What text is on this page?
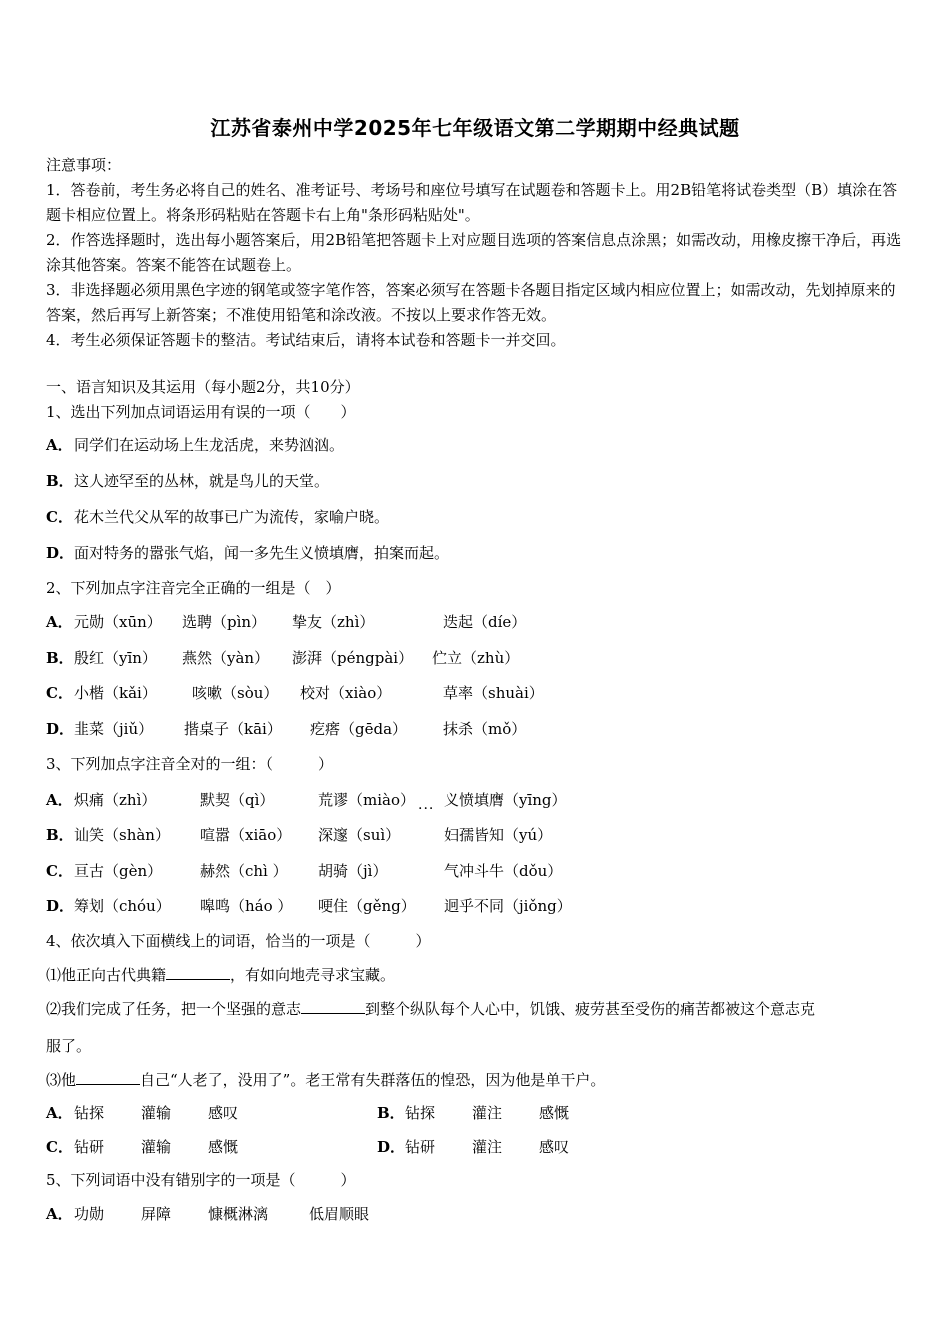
江苏省泰州中学2025年七年级语文第二学期期中经典试题

注意事项：

1．答卷前，考生务必将自己的姓名、准考证号、考场号和座位号填写在试题卷和答题卡上。用2B铅笔将试卷类型（B）填涂在答题卡相应位置上。将条形码粘贴在答题卡右上角"条形码粘贴处"。

2．作答选择题时，选出每小题答案后，用2B铅笔把答题卡上对应题目选项的答案信息点涂黑；如需改动，用橡皮擦干净后，再选涂其他答案。答案不能答在试题卷上。

3．非选择题必须用黑色字迹的钢笔或签字笔作答，答案必须写在答题卡各题目指定区域内相应位置上；如需改动，先划掉原来的答案，然后再写上新答案；不准使用铅笔和涂改液。不按以上要求作答无效。

4．考生必须保证答题卡的整洁。考试结束后，请将本试卷和答题卡一并交回。

一、语言知识及其运用（每小题2分，共10分）
1、选出下列加点词语运用有误的一项（　　）
A．同学们在运动场上生龙活虎，来势汹汹。
B．这人迹罕至的丛林，就是鸟儿的天堂。
C．花木兰代父从军的故事已广为流传，家喻户晓。
D．面对特务的嚣张气焰，闻一多先生义愤填膺，拍案而起。
2、下列加点字注音完全正确的一组是（　）
A． 元勋（xūn） 选聘（pìn） 挚友（zhì）	迭起（díe）
B． 殷红（yīn） 燕然（yàn） 澎湃（péngpài） 伫立（zhù）
C． 小楷（kǎi） 咳嗽（sòu） 校对（xiào）	草率（shuài）
D． 韭菜（jiǔ） 揩桌子（kāi） 疙瘩（gēda） 抹杀（mǒ）
3、下列加点字注音全对的一组：（　　　）
A． 炽痛（zhì）	默契（qì）	荒谬（miào） ... 义愤填膺（yīng）
B． 讪笑（shàn） 喧嚣（xiāo） 深邃（suì）	妇孺皆知（yú）
C． 亘古（gèn）	赫然（chì ） 胡骑（jì）	气冲斗牛（dǒu）
D． 筹划（chóu） 嗥鸣（háo ） 哽住（gěng） 迥乎不同（jiǒng）
4、依次填入下面横线上的词语，恰当的一项是（　　　）
⑴他正向古代典籍	，有如向地壳寻求宝藏。
⑵我们完成了任务，把一个坚强的意志	到整个纵队每个人心中，饥饿、疲劳甚至受伤的痛苦都被这个意志克
服了。
⑶他	自己“人老了，没用了”。老王常有失群落伍的惶恐，因为他是单干户。
A． 钻探 灌输 感叹	B． 钻探 灌注 感慨
C． 钻研 灌输 感慨	D． 钻研 灌注 感叹
5、下列词语中没有错别字的一项是（　　　）
A． 功勋 屏障 慷概淋漓	低眉顺眼
